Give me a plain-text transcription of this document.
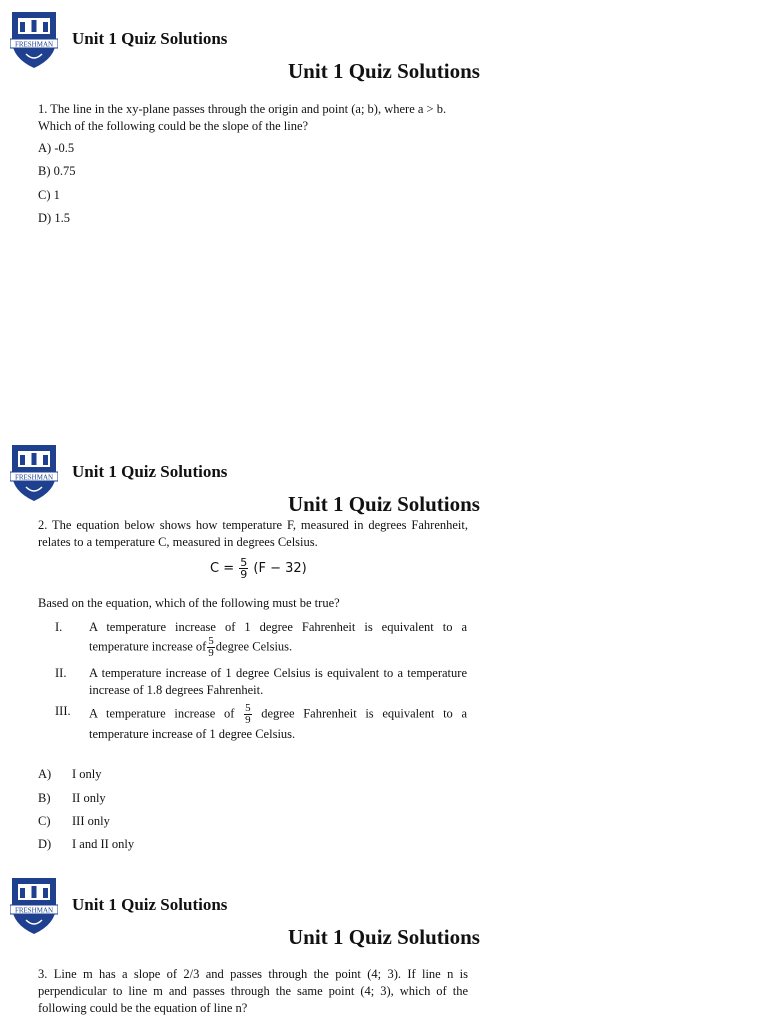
FRESHMAN Unit 1 Quiz Solutions
Unit 1 Quiz Solutions
1. The line in the xy-plane passes through the origin and point (a; b), where a > b.
Which of the following could be the slope of the line?
A) -0.5
B) 0.75
C) 1
D) 1.5
FRESHMAN Unit 1 Quiz Solutions
Unit 1 Quiz Solutions
2. The equation below shows how temperature F, measured in degrees Fahrenheit, relates to a temperature C, measured in degrees Celsius.
$C = \frac{5}{9} (F - 32)$
Based on the equation, which of the following must be true?
I. A temperature increase of 1 degree Fahrenheit is equivalent to a temperature increase of $\frac{5}{9}$ degree Celsius.
II. A temperature increase of 1 degree Celsius is equivalent to a temperature increase of 1.8 degrees Fahrenheit.
III. A temperature increase of $\frac{5}{9}$ degree Fahrenheit is equivalent to a temperature increase of 1 degree Celsius.
A) I only
B) II only
C) III only
D) I and II only
FRESHMAN Unit 1 Quiz Solutions
Unit 1 Quiz Solutions
3. Line m has a slope of 2/3 and passes through the point (4; 3). If line n is perpendicular to line m and passes through the same point (4; 3), which of the following could be the equation of line n?
